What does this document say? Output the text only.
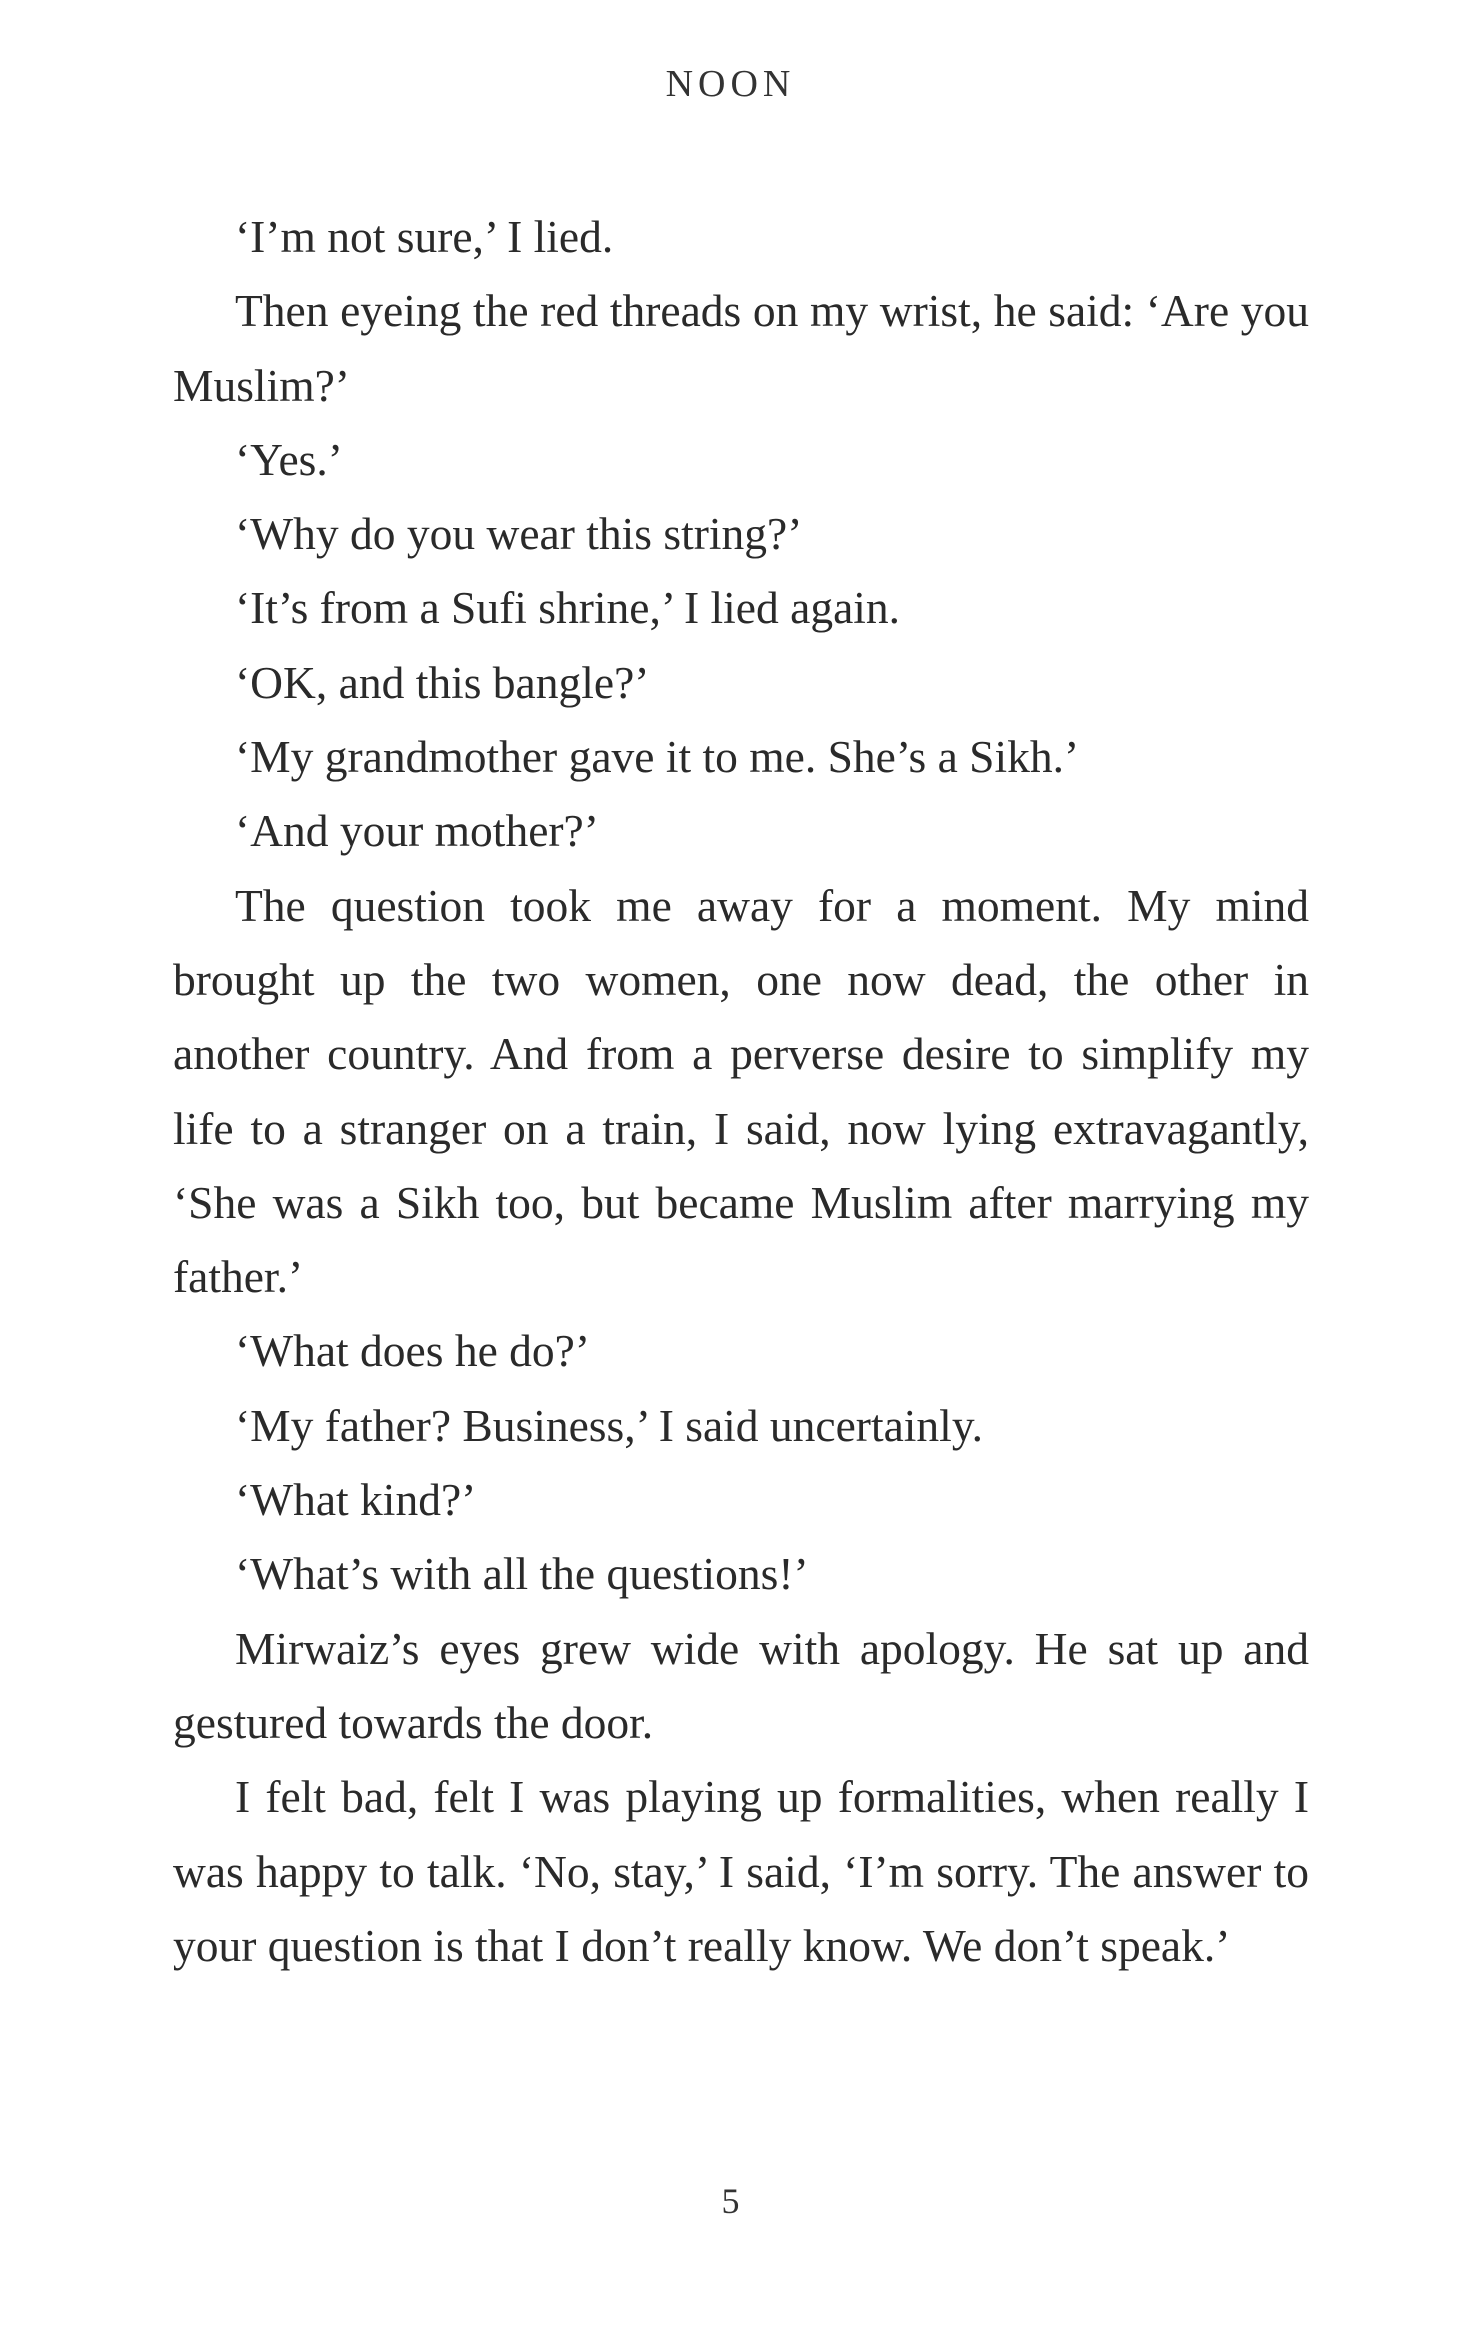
NOON

‘I’m not sure,’ I lied.

Then eyeing the red threads on my wrist, he said: ‘Are you Muslim?’

‘Yes.’

‘Why do you wear this string?’

‘It’s from a Sufi shrine,’ I lied again.

‘OK, and this bangle?’

‘My grandmother gave it to me. She’s a Sikh.’

‘And your mother?’

The question took me away for a moment. My mind brought up the two women, one now dead, the other in another country. And from a perverse desire to simplify my life to a stranger on a train, I said, now lying extravagantly, ‘She was a Sikh too, but became Muslim after marrying my father.’

‘What does he do?’

‘My father? Business,’ I said uncertainly.

‘What kind?’

‘What’s with all the questions!’

Mirwaiz’s eyes grew wide with apology. He sat up and gestured towards the door.

I felt bad, felt I was playing up formalities, when really I was happy to talk. ‘No, stay,’ I said, ‘I’m sorry. The answer to your question is that I don’t really know. We don’t speak.’

5
